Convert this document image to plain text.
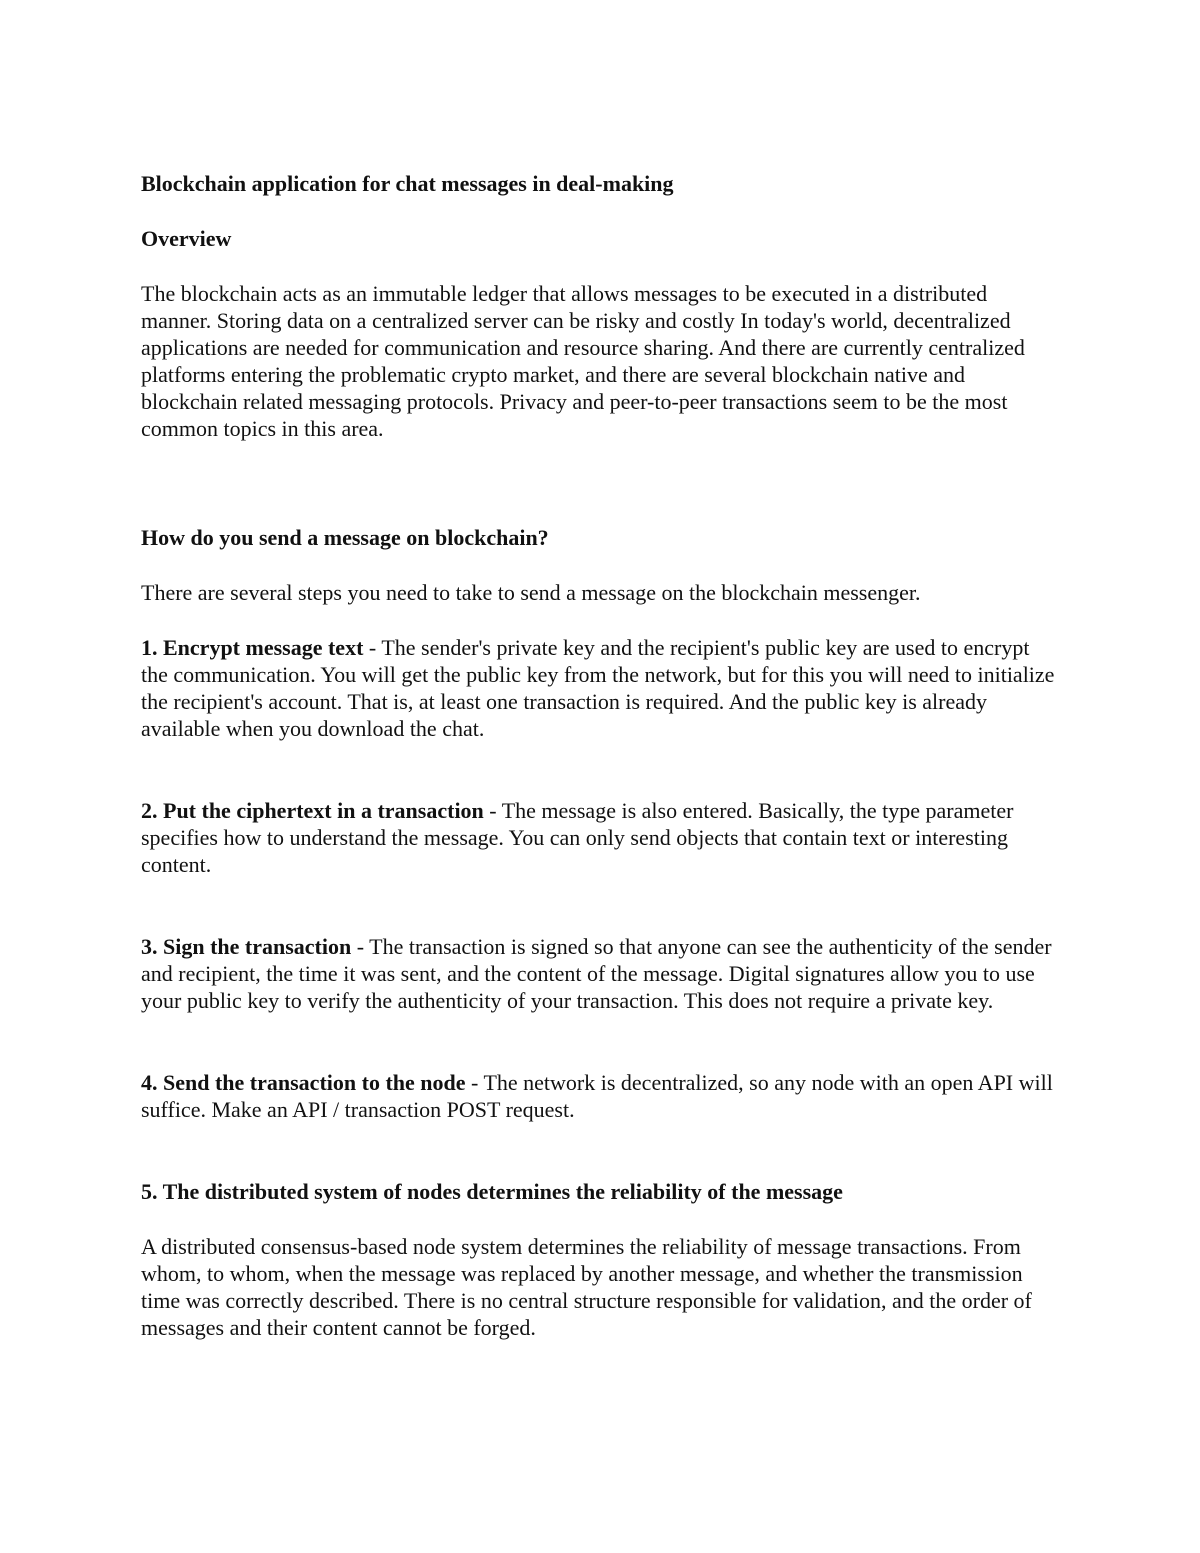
Blockchain application for chat messages in deal-making

Overview

The blockchain acts as an immutable ledger that allows messages to be executed in a distributed manner. Storing data on a centralized server can be risky and costly In today's world, decentralized applications are needed for communication and resource sharing. And there are currently centralized platforms entering the problematic crypto market, and there are several blockchain native and blockchain related messaging protocols. Privacy and peer-to-peer transactions seem to be the most common topics in this area.

How do you send a message on blockchain?

There are several steps you need to take to send a message on the blockchain messenger.

1. Encrypt message text - The sender's private key and the recipient's public key are used to encrypt the communication. You will get the public key from the network, but for this you will need to initialize the recipient's account. That is, at least one transaction is required. And the public key is already available when you download the chat.

2. Put the ciphertext in a transaction - The message is also entered. Basically, the type parameter specifies how to understand the message. You can only send objects that contain text or interesting content.

3. Sign the transaction - The transaction is signed so that anyone can see the authenticity of the sender and recipient, the time it was sent, and the content of the message. Digital signatures allow you to use your public key to verify the authenticity of your transaction. This does not require a private key.

4. Send the transaction to the node - The network is decentralized, so any node with an open API will suffice. Make an API / transaction POST request.

5. The distributed system of nodes determines the reliability of the message

A distributed consensus-based node system determines the reliability of message transactions. From whom, to whom, when the message was replaced by another message, and whether the transmission time was correctly described. There is no central structure responsible for validation, and the order of messages and their content cannot be forged.
